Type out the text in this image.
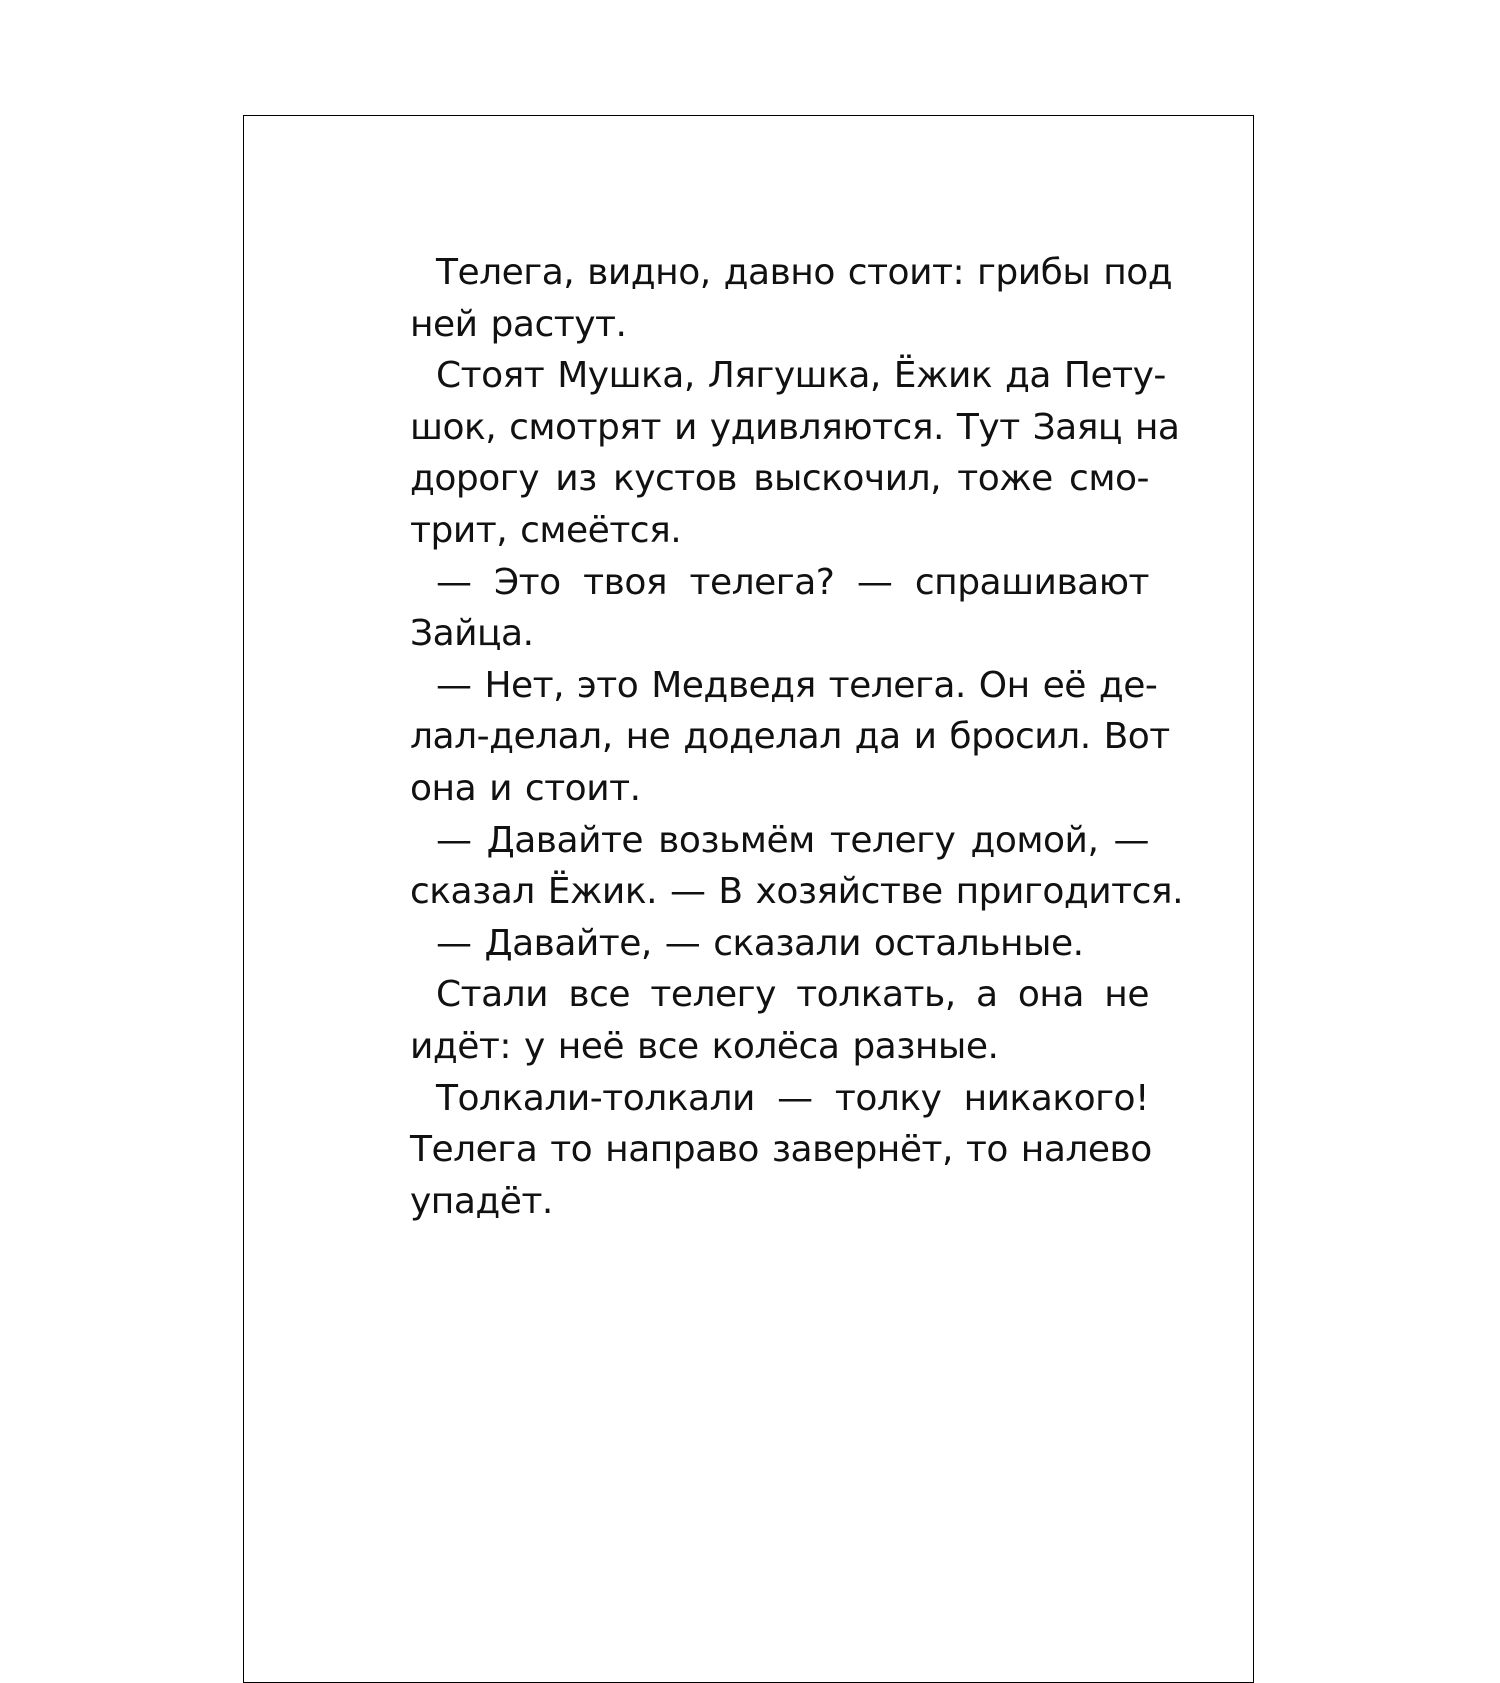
Телега, видно, давно стоит: грибы под
ней растут.

Стоят Мушка, Лягушка, Ёжик да Пету-
шок, смотрят и удивляются. Тут Заяц на
дорогу из кустов выскочил, тоже смо-
трит, смеётся.

— Это твоя телега? — спрашивают
Зайца.

— Нет, это Медведя телега. Он её де-
лал-делал, не доделал да и бросил. Вот
она и стоит.

— Давайте возьмём телегу домой, —
сказал Ёжик. — В хозяйстве пригодится.

— Давайте, — сказали остальные.

Стали все телегу толкать, а она не
идёт: у неё все колёса разные.

Толкали-толкали — толку никакого!
Телега то направо завернёт, то налево
упадёт.
